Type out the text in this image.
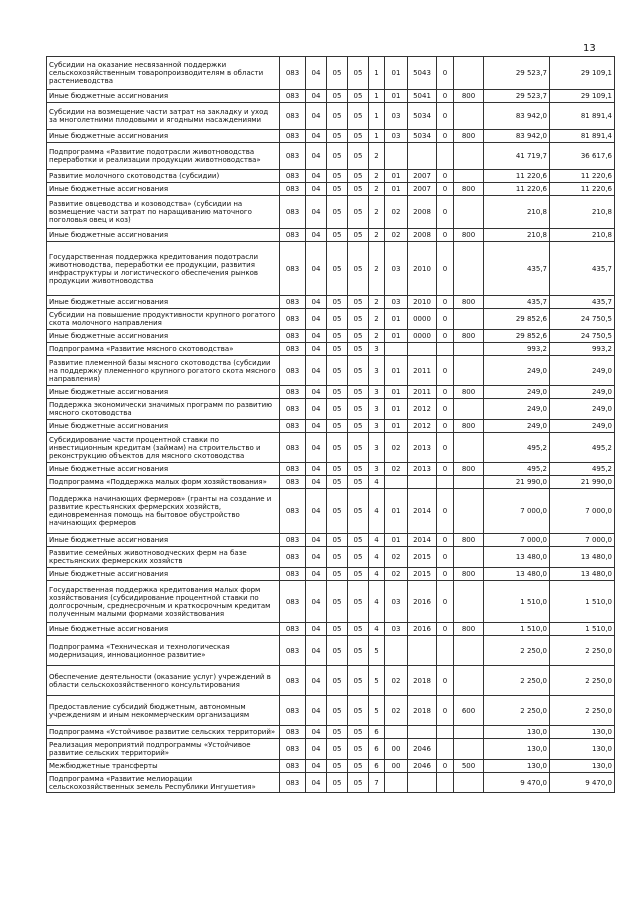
13
Субсидии на оказание несвязанной поддержки сельскохозяйственным товаропроизводителям в области растениеводства	083	04	05	05	1	01	5043	0		29 523,7	29 109,1
Иные бюджетные ассигнования	083	04	05	05	1	01	5041	0	800	29 523,7	29 109,1
Субсидии на возмещение части затрат на закладку и уход за многолетними плодовыми и ягодными насаждениями	083	04	05	05	1	03	5034	0		83 942,0	81 891,4
Иные бюджетные ассигнования	083	04	05	05	1	03	5034	0	800	83 942,0	81 891,4
Подпрограмма «Развитие подотрасли животноводства переработки и реализации продукции животноводства»	083	04	05	05	2					41 719,7	36 617,6
Развитие молочного скотоводства (субсидии)	083	04	05	05	2	01	2007	0		11 220,6	11 220,6
Иные бюджетные ассигнования	083	04	05	05	2	01	2007	0	800	11 220,6	11 220,6
Развитие овцеводства и козоводства» (субсидии на возмещение части затрат по наращиванию маточного поголовья овец и коз)	083	04	05	05	2	02	2008	0		210,8	210,8
Иные бюджетные ассигнования	083	04	05	05	2	02	2008	0	800	210,8	210,8
Государственная поддержка кредитования подотрасли животноводства, переработки ее продукции, развития инфраструктуры и логистического обеспечения рынков продукции животноводства	083	04	05	05	2	03	2010	0		435,7	435,7
Иные бюджетные ассигнования	083	04	05	05	2	03	2010	0	800	435,7	435,7
Субсидии на повышение продуктивности крупного рогатого скота молочного направления	083	04	05	05	2	01	0000	0		29 852,6	24 750,5
Иные бюджетные ассигнования	083	04	05	05	2	01	0000	0	800	29 852,6	24 750,5
Подпрограмма «Развитие мясного скотоводства»	083	04	05	05	3					993,2	993,2
Развитие племенной базы мясного скотоводства (субсидии на поддержку племенного крупного рогатого скота мясного направления)	083	04	05	05	3	01	2011	0		249,0	249,0
Иные бюджетные ассигнования	083	04	05	05	3	01	2011	0	800	249,0	249,0
Поддержка экономически значимых программ по развитию мясного скотоводства	083	04	05	05	3	01	2012	0		249,0	249,0
Иные бюджетные ассигнования	083	04	05	05	3	01	2012	0	800	249,0	249,0
Субсидирование части процентной ставки по инвестиционным кредитам (займам) на строительство и реконструкцию объектов для мясного скотоводства	083	04	05	05	3	02	2013	0		495,2	495,2
Иные бюджетные ассигнования	083	04	05	05	3	02	2013	0	800	495,2	495,2
Подпрограмма «Поддержка малых форм хозяйствования»	083	04	05	05	4					21 990,0	21 990,0
Поддержка начинающих фермеров» (гранты на создание и развитие крестьянских фермерских хозяйств, единовременная помощь на бытовое обустройство начинающих фермеров	083	04	05	05	4	01	2014	0		7 000,0	7 000,0
Иные бюджетные ассигнования	083	04	05	05	4	01	2014	0	800	7 000,0	7 000,0
Развитие семейных животноводческих ферм на базе крестьянских фермерских хозяйств	083	04	05	05	4	02	2015	0		13 480,0	13 480,0
Иные бюджетные ассигнования	083	04	05	05	4	02	2015	0	800	13 480,0	13 480,0
Государственная поддержка кредитования малых форм хозяйствования (субсидирование процентной ставки по долгосрочным, среднесрочным и краткосрочным кредитам полученным малыми формами хозяйствования	083	04	05	05	4	03	2016	0		1 510,0	1 510,0
Иные бюджетные ассигнования	083	04	05	05	4	03	2016	0	800	1 510,0	1 510,0
Подпрограмма «Техническая и технологическая модернизация, инновационное развитие»	083	04	05	05	5					2 250,0	2 250,0
Обеспечение деятельности (оказание услуг) учреждений в области сельскохозяйственного консультирования	083	04	05	05	5	02	2018	0		2 250,0	2 250,0
Предоставление субсидий бюджетным, автономным учреждениям и иным некоммерческим организациям	083	04	05	05	5	02	2018	0	600	2 250,0	2 250,0
Подпрограмма «Устойчивое развитие сельских территорий»	083	04	05	05	6					130,0	130,0
Реализация мероприятий подпрограммы «Устойчивое развитие сельских территорий»	083	04	05	05	6	00	2046			130,0	130,0
Межбюджетные трансферты	083	04	05	05	6	00	2046	0	500	130,0	130,0
Подпрограмма «Развитие мелиорации сельскохозяйственных земель Республики Ингушетия»	083	04	05	05	7					9 470,0	9 470,0
